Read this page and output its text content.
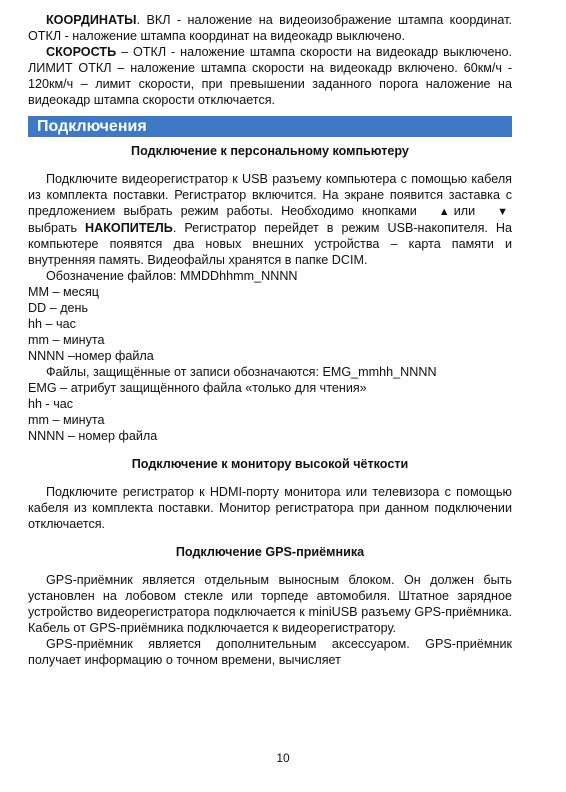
КООРДИНАТЫ. ВКЛ - наложение на видеоизображение штампа координат. ОТКЛ - наложение штампа координат на видеокадр выключено.

СКОРОСТЬ – ОТКЛ - наложение штампа скорости на видеокадр выключено. ЛИМИТ ОТКЛ – наложение штампа скорости на видеокадр включено. 60км/ч - 120км/ч – лимит скорости, при превышении заданного порога наложение на видеокадр штампа скорости отключается.

Подключения
Подключение к персональному компьютеру

Подключите видеорегистратор к USB разъему компьютера с помощью кабеля из комплекта поставки. Регистратор включится. На экране появится заставка с предложением выбрать режим работы. Необходимо кнопками ▲ или ▼выбрать НАКОПИТЕЛЬ. Регистратор перейдет в режим USB-накопителя. На компьютере появятся два новых внешних устройства – карта памяти и внутренняя память. Видеофайлы хранятся в папке DCIM.

Обозначение файлов: MMDDhhmm_NNNN

MM – месяц

DD – день

hh – час

mm – минута

NNNN –номер файла

Файлы, защищённые от записи обозначаются: EMG_mmhh_NNNN

EMG – атрибут защищённого файла «только для чтения»

hh - час

mm – минута

NNNN – номер файла

Подключение к монитору высокой чёткости

Подключите регистратор к HDMI-порту монитора или телевизора с помощью кабеля из комплекта поставки. Монитор регистратора при данном подключении отключается.

Подключение GPS-приёмника

GPS-приёмник является отдельным выносным блоком. Он должен быть установлен на лобовом стекле или торпеде автомобиля. Штатное зарядное устройство видеорегистратора подключается к miniUSB разъему GPS-приёмника. Кабель от GPS-приёмника подключается к видеорегистратору.

GPS-приёмник является дополнительным аксессуаром. GPS-приёмник получает информацию о точном времени, вычисляет

10
